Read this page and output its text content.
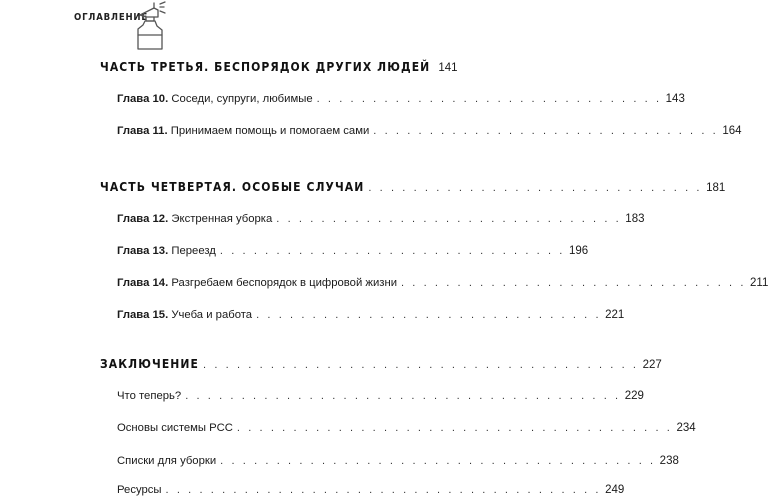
ОГЛАВЛЕНИЕ
ЧАСТЬ ТРЕТЬЯ. БЕСПОРЯДОК ДРУГИХ ЛЮДЕЙ 141
Глава 10. Соседи, супруги, любимые . . . . . . . . . . . . . . . . . . . . . . . . . . . . . . . 143
Глава 11. Принимаем помощь и помогаем сами . . . . . . . . . . . . . . . . . . . . . . . . . . . . . . . 164
ЧАСТЬ ЧЕТВЕРТАЯ. ОСОБЫЕ СЛУЧАИ . . . . . . . . . . . . . . . . . . . . . . . . . . . . . . 181
Глава 12. Экстренная уборка . . . . . . . . . . . . . . . . . . . . . . . . . . . . . . . 183
Глава 13. Переезд . . . . . . . . . . . . . . . . . . . . . . . . . . . . . . . 196
Глава 14. Разгребаем беспорядок в цифровой жизни . . . . . . . . . . . . . . . . . . . . . . . . . . . . . . . 211
Глава 15. Учеба и работа . . . . . . . . . . . . . . . . . . . . . . . . . . . . . . . 221
ЗАКЛЮЧЕНИЕ . . . . . . . . . . . . . . . . . . . . . . . . . . . . . . . . . . . . . . . 227
Что теперь? . . . . . . . . . . . . . . . . . . . . . . . . . . . . . . . . . . . . . . . 229
Основы системы РСС . . . . . . . . . . . . . . . . . . . . . . . . . . . . . . . . . . . . . . . 234
Списки для уборки . . . . . . . . . . . . . . . . . . . . . . . . . . . . . . . . . . . . . . . 238
Ресурсы . . . . . . . . . . . . . . . . . . . . . . . . . . . . . . . . . . . . . . . 249
